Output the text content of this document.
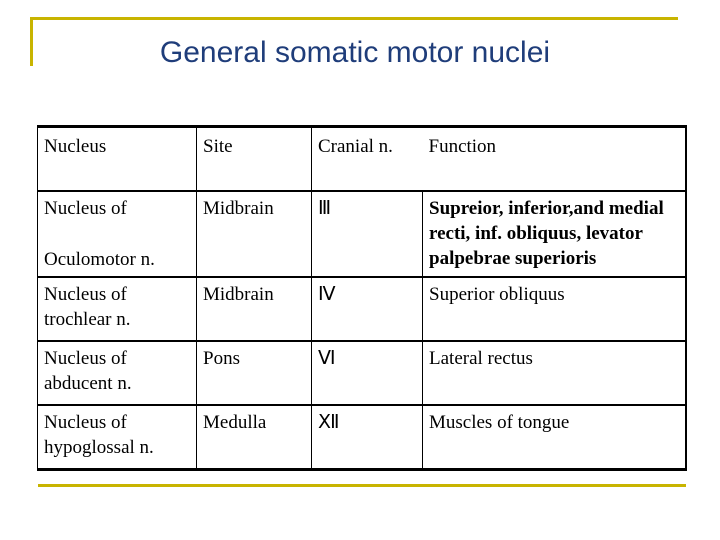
General somatic motor nuclei
Nucleus	Site	Cranial n.	Function

Nucleus of
Oculomotor n.	Midbrain	Ⅲ	Supreior, inferior,and medial recti, inf. obliquus, levator palpebrae superioris

Nucleus of
trochlear n.	Midbrain	Ⅳ	Superior obliquus

Nucleus of
abducent n.	Pons	Ⅵ	Lateral rectus

Nucleus of
hypoglossal n.	Medulla	Ⅻ	Muscles of tongue
